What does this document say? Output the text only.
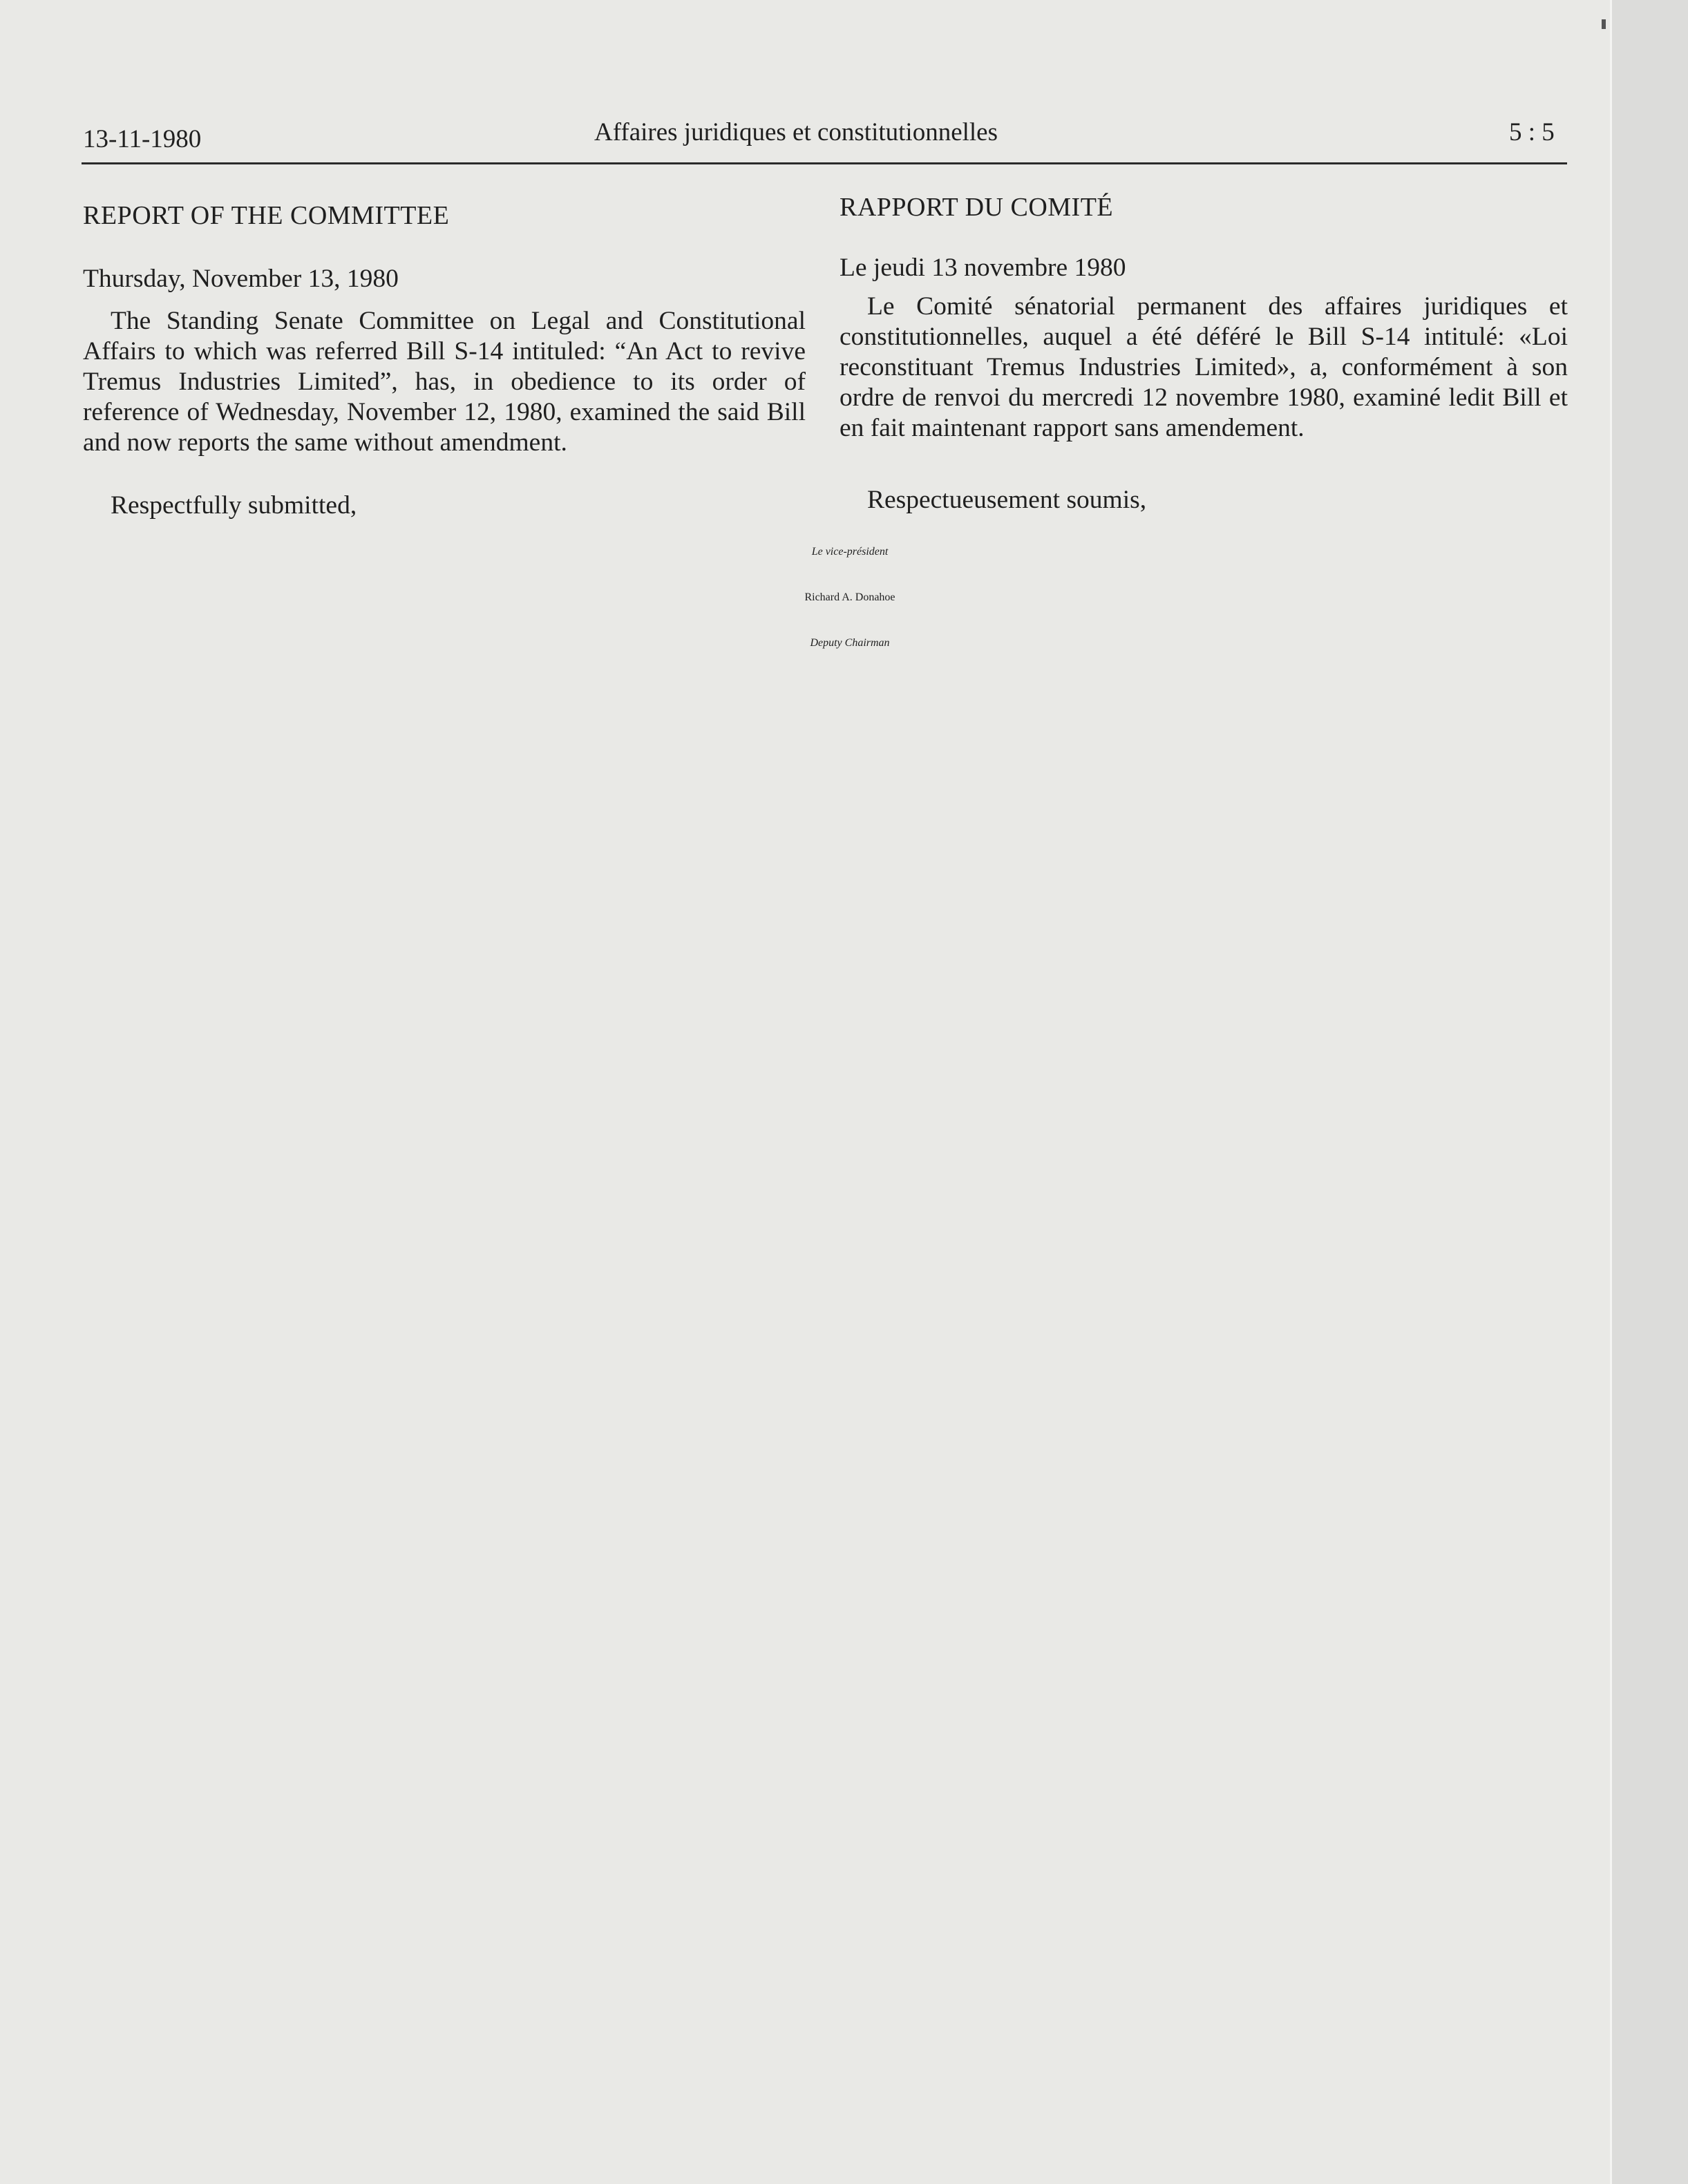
13-11-1980	Affaires juridiques et constitutionnelles	5 : 5
REPORT OF THE COMMITTEE
Thursday, November 13, 1980

The Standing Senate Committee on Legal and Constitutional Affairs to which was referred Bill S-14 intituled: “An Act to revive Tremus Industries Limited”, has, in obedience to its order of reference of Wednesday, November 12, 1980, examined the said Bill and now reports the same without amendment.

Respectfully submitted,
RAPPORT DU COMITÉ
Le jeudi 13 novembre 1980

Le Comité sénatorial permanent des affaires juridiques et constitutionnelles, auquel a été déféré le Bill S-14 intitulé: «Loi reconstituant Tremus Industries Limited», a, conformément à son ordre de renvoi du mercredi 12 novembre 1980, examiné ledit Bill et en fait maintenant rapport sans amendement.

Respectueusement soumis,
Le vice-président
Richard A. Donahoe
Deputy Chairman
